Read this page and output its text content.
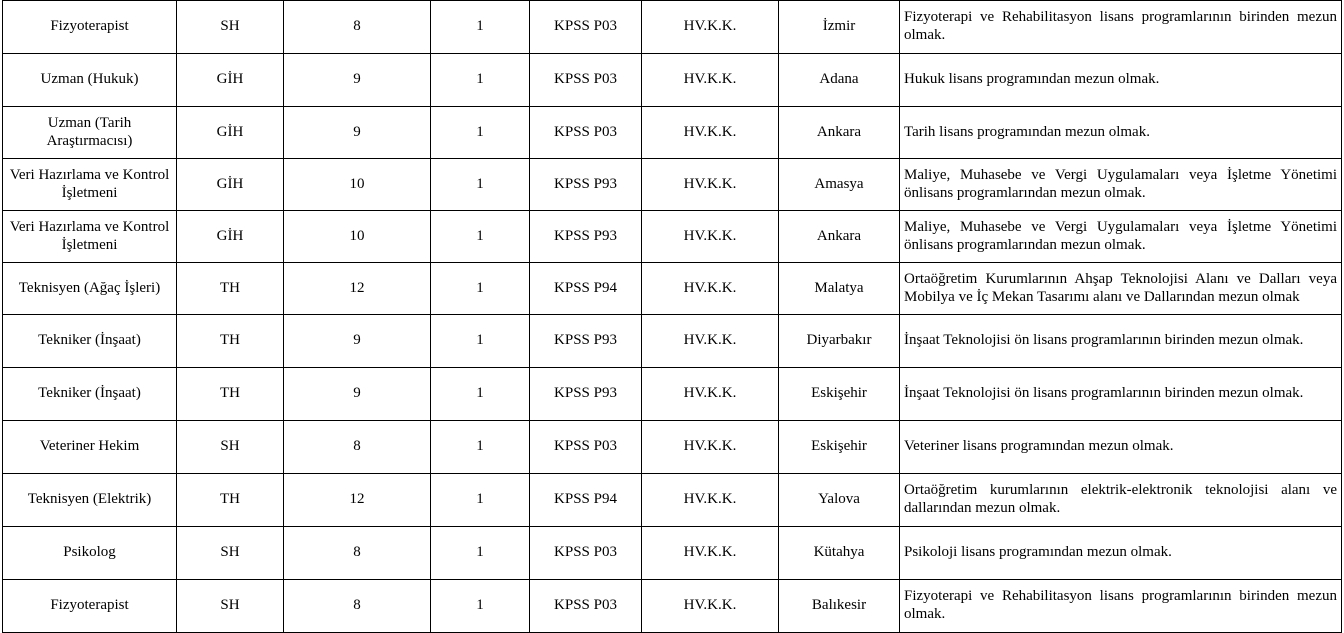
Fizyoterapist	SH	8	1	KPSS P03	HV.K.K.	İzmir	Fizyoterapi ve Rehabilitasyon lisans programlarının birinden mezun olmak.
Uzman (Hukuk)	GİH	9	1	KPSS P03	HV.K.K.	Adana	Hukuk lisans programından mezun olmak.
Uzman (Tarih Araştırmacısı)	GİH	9	1	KPSS P03	HV.K.K.	Ankara	Tarih lisans programından mezun olmak.
Veri Hazırlama ve Kontrol İşletmeni	GİH	10	1	KPSS P93	HV.K.K.	Amasya	Maliye, Muhasebe ve Vergi Uygulamaları veya İşletme Yönetimi önlisans programlarından mezun olmak.
Veri Hazırlama ve Kontrol İşletmeni	GİH	10	1	KPSS P93	HV.K.K.	Ankara	Maliye, Muhasebe ve Vergi Uygulamaları veya İşletme Yönetimi önlisans programlarından mezun olmak.
Teknisyen (Ağaç İşleri)	TH	12	1	KPSS P94	HV.K.K.	Malatya	Ortaöğretim Kurumlarının Ahşap Teknolojisi Alanı ve Dalları veya Mobilya ve İç Mekan Tasarımı alanı ve Dallarından mezun olmak
Tekniker (İnşaat)	TH	9	1	KPSS P93	HV.K.K.	Diyarbakır	İnşaat Teknolojisi ön lisans programlarının birinden mezun olmak.
Tekniker (İnşaat)	TH	9	1	KPSS P93	HV.K.K.	Eskişehir	İnşaat Teknolojisi ön lisans programlarının birinden mezun olmak.
Veteriner Hekim	SH	8	1	KPSS P03	HV.K.K.	Eskişehir	Veteriner lisans programından mezun olmak.
Teknisyen (Elektrik)	TH	12	1	KPSS P94	HV.K.K.	Yalova	Ortaöğretim kurumlarının elektrik-elektronik teknolojisi alanı ve dallarından mezun olmak.
Psikolog	SH	8	1	KPSS P03	HV.K.K.	Kütahya	Psikoloji lisans programından mezun olmak.
Fizyoterapist	SH	8	1	KPSS P03	HV.K.K.	Balıkesir	Fizyoterapi ve Rehabilitasyon lisans programlarının birinden mezun olmak.
